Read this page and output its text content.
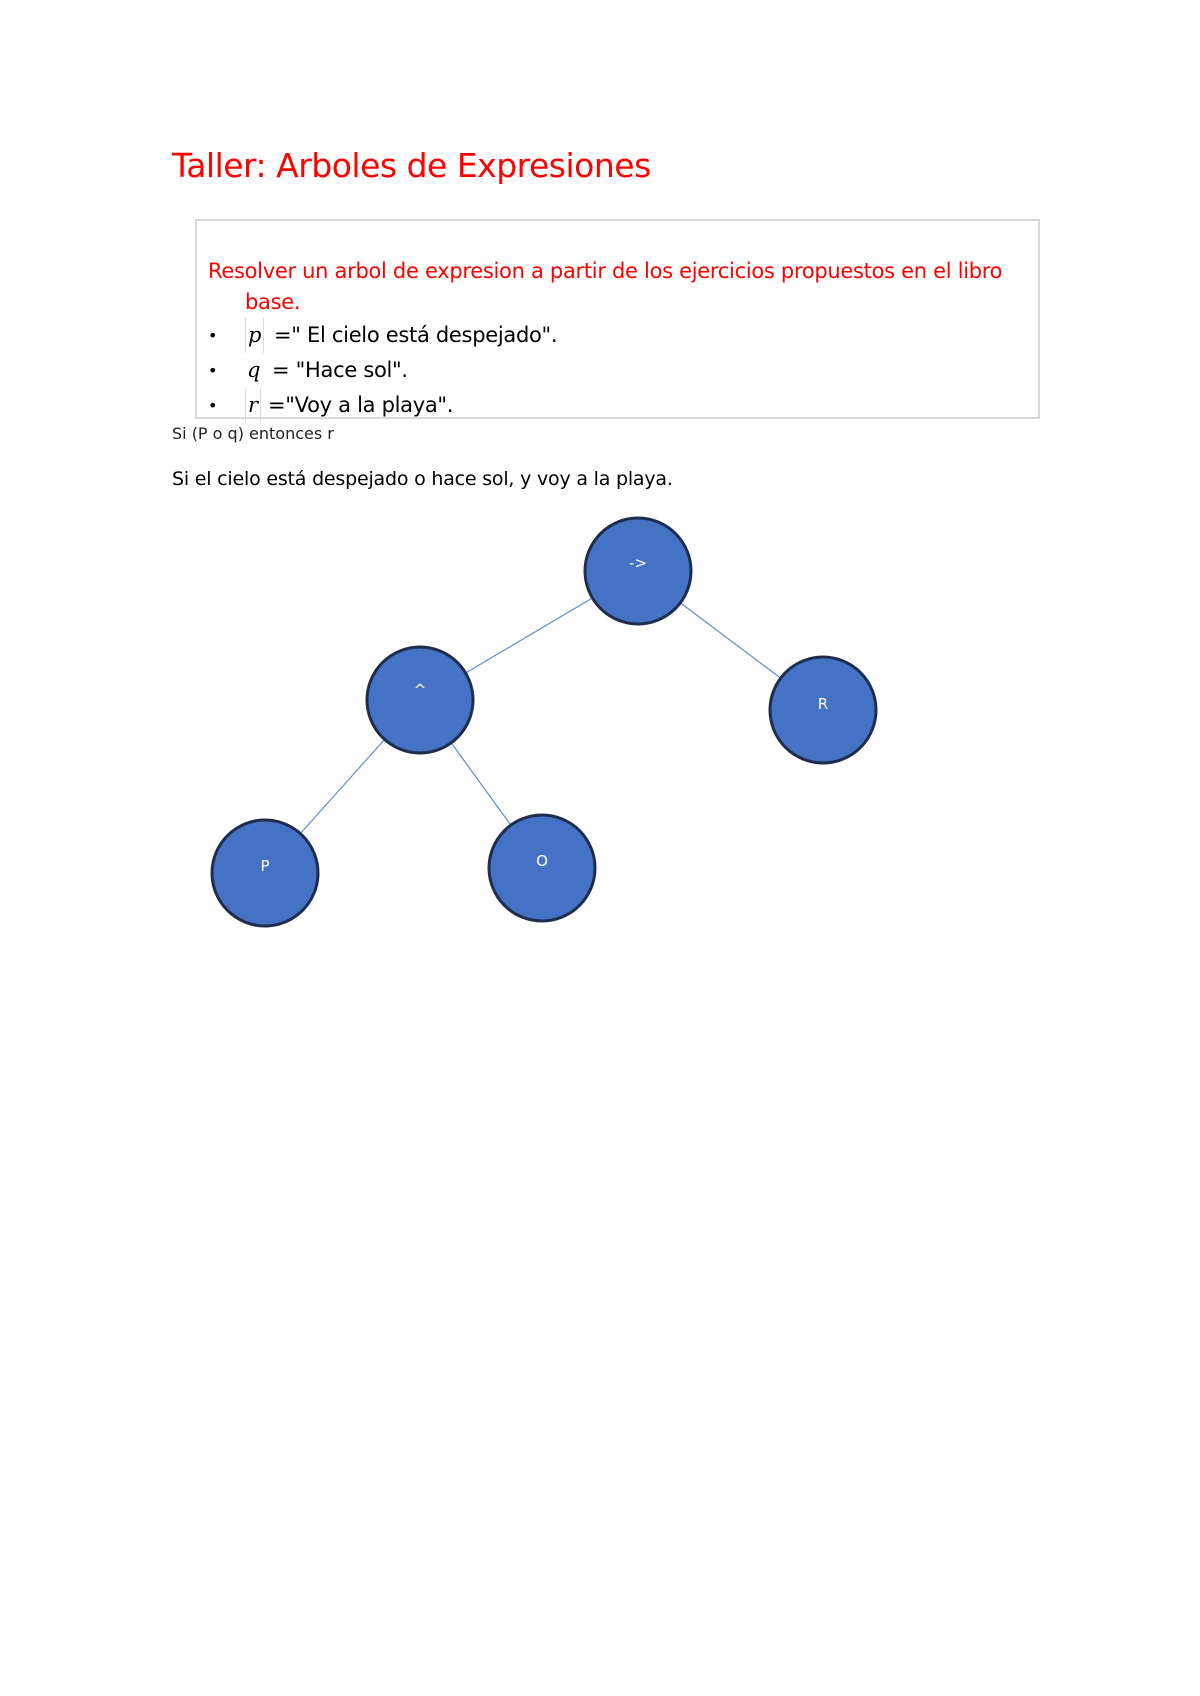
Taller: Arboles de Expresiones
Resolver un arbol de expresion a partir de los ejercicios propuestos en el libro
base.
• p =" El cielo está despejado".
• q = "Hace sol".
• r ="Voy a la playa".
Si (P o q) entonces r
Si el cielo está despejado o hace sol, y voy a la playa.
->
^
R
P	O
